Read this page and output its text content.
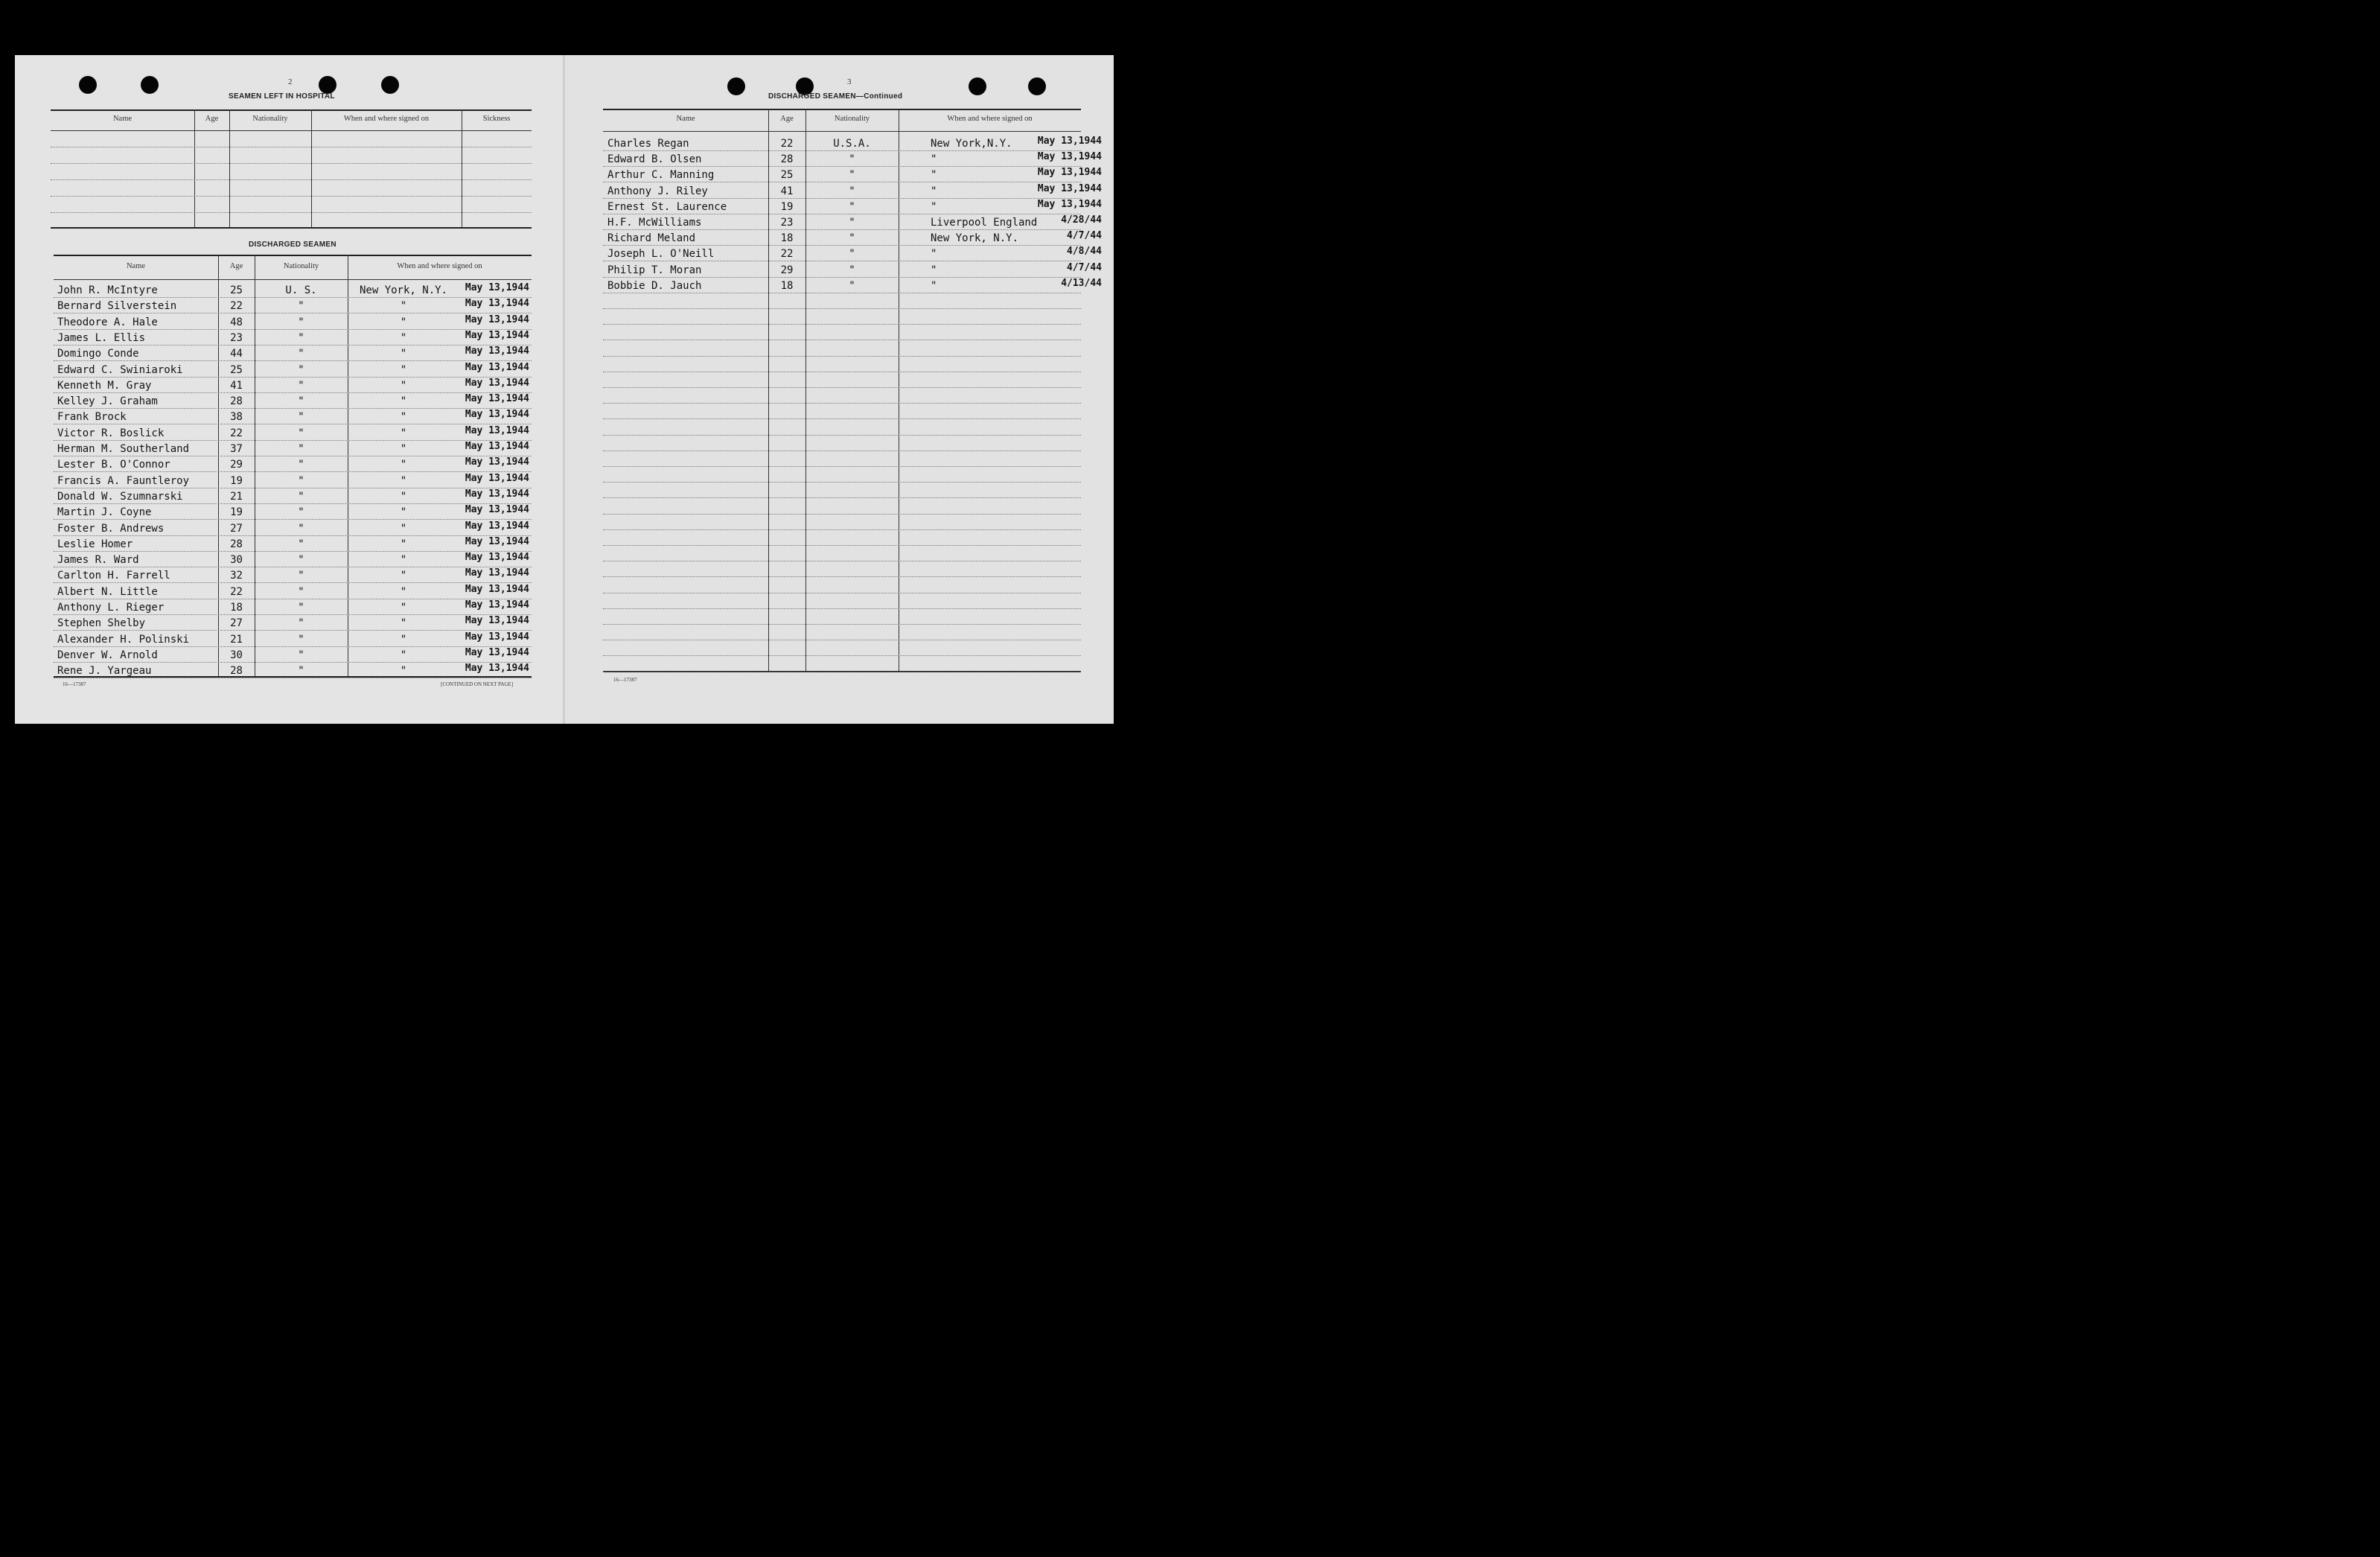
2
SEAMEN LEFT IN HOSPITAL
Name	Age	Nationality	When and where signed on	Sickness
DISCHARGED SEAMEN
Name	Age	Nationality	When and where signed on
John R. McIntyre	25	U. S.	New York, N.Y.	May 13,1944
Bernard Silverstein	22	"	"	May 13,1944
Theodore A. Hale	48	"	"	May 13,1944
James L. Ellis	23	"	"	May 13,1944
Domingo Conde	44	"	"	May 13,1944
Edward C. Swiniaroki	25	"	"	May 13,1944
Kenneth M. Gray	41	"	"	May 13,1944
Kelley J. Graham	28	"	"	May 13,1944
Frank Brock	38	"	"	May 13,1944
Victor R. Boslick	22	"	"	May 13,1944
Herman M. Southerland	37	"	"	May 13,1944
Lester B. O'Connor	29	"	"	May 13,1944
Francis A. Fauntleroy	19	"	"	May 13,1944
Donald W. Szumnarski	21	"	"	May 13,1944
Martin J. Coyne	19	"	"	May 13,1944
Foster B. Andrews	27	"	"	May 13,1944
Leslie Homer	28	"	"	May 13,1944
James R. Ward	30	"	"	May 13,1944
Carlton H. Farrell	32	"	"	May 13,1944
Albert N. Little	22	"	"	May 13,1944
Anthony L. Rieger	18	"	"	May 13,1944
Stephen Shelby	27	"	"	May 13,1944
Alexander H. Polinski	21	"	"	May 13,1944
Denver W. Arnold	30	"	"	May 13,1944
Rene J. Yargeau	28	"	"	May 13,1944
16—17387	[CONTINUED ON NEXT PAGE]
3
DISCHARGED SEAMEN—Continued
Name	Age	Nationality	When and where signed on
Charles Regan	22	U.S.A.	New York,N.Y.	May 13,1944
Edward B. Olsen	28	"	"	May 13,1944
Arthur C. Manning	25	"	"	May 13,1944
Anthony J. Riley	41	"	"	May 13,1944
Ernest St. Laurence	19	"	"	May 13,1944
H.F. McWilliams	23	"	Liverpool England	4/28/44
Richard Meland	18	"	New York, N.Y.	4/7/44
Joseph L. O'Neill	22	"	"	4/8/44
Philip T. Moran	29	"	"	4/7/44
Bobbie D. Jauch	18	"	"	4/13/44
16—17387
